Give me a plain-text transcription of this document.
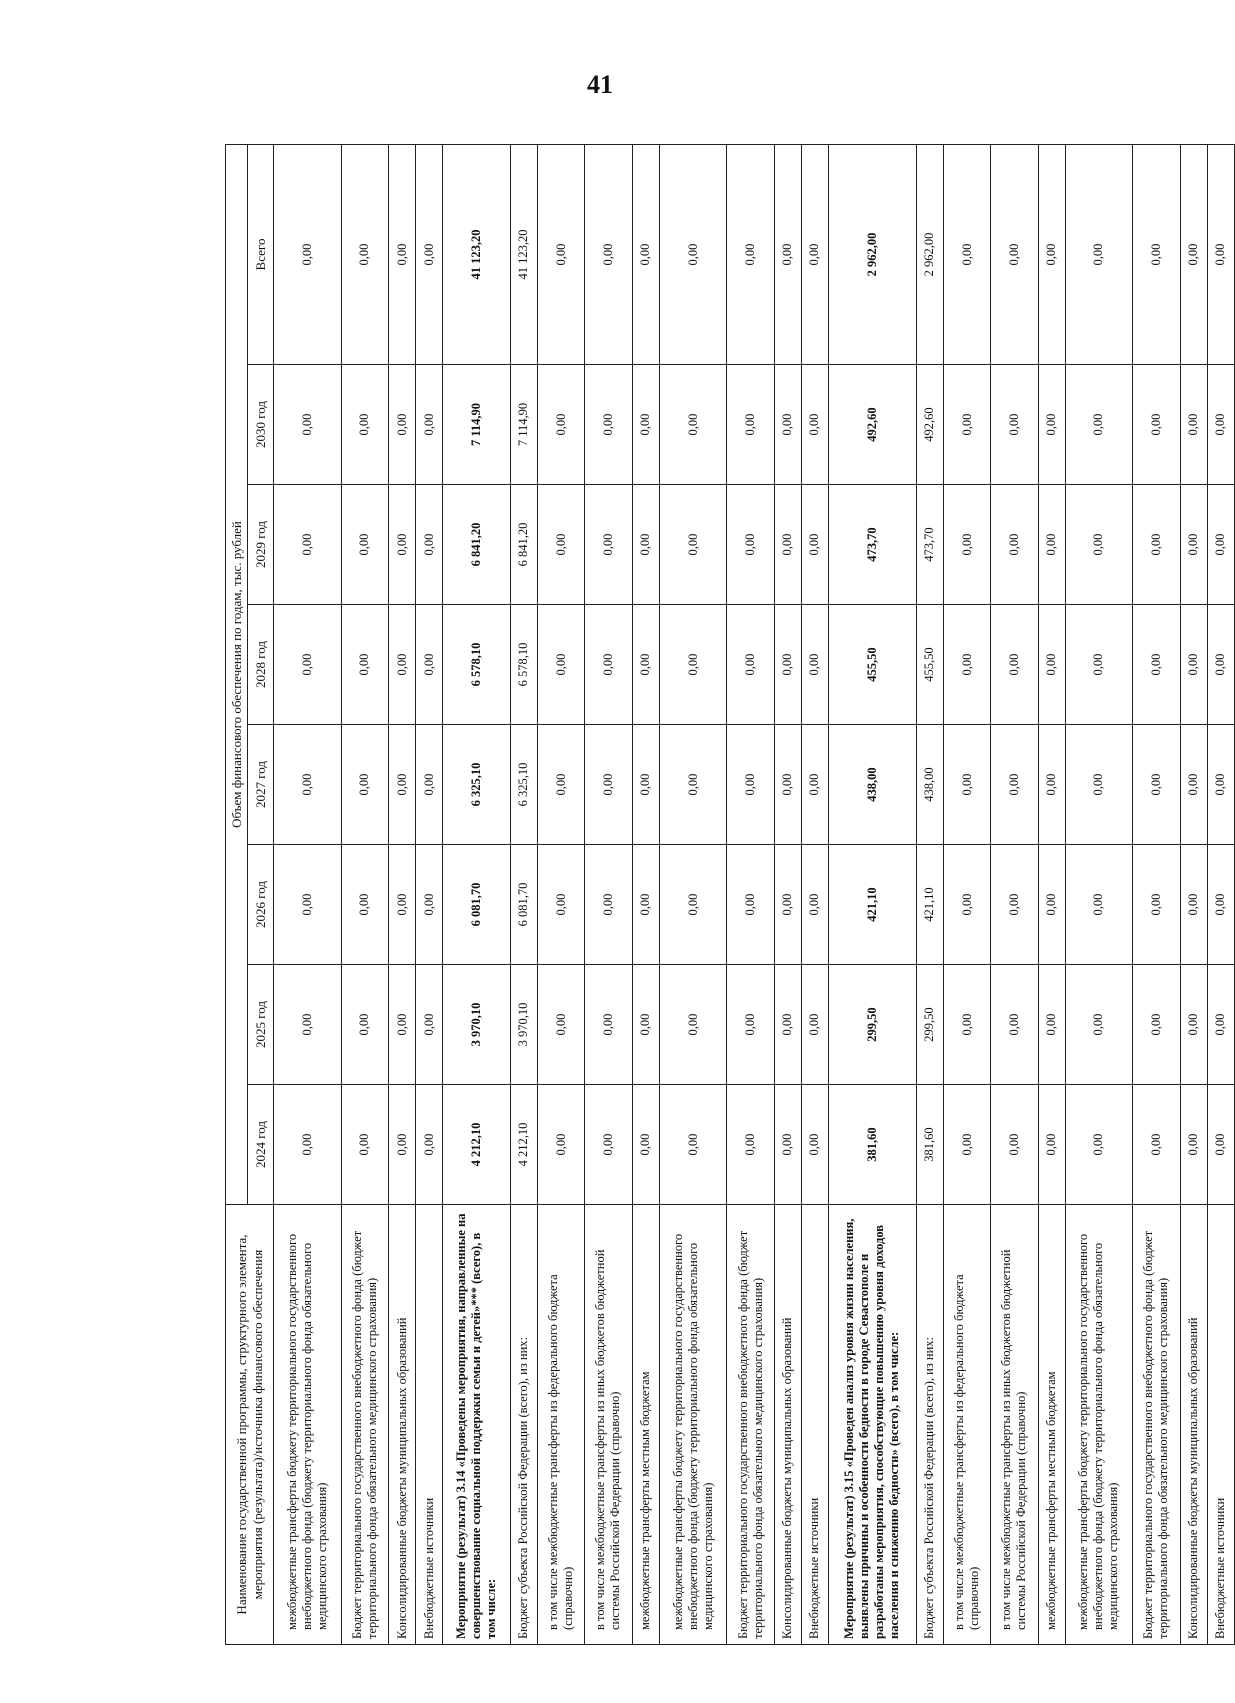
41
Наименование государственной программы, структурного элемента, мероприятия (результата)/источника финансового обеспечения	Объем финансового обеспечения по годам, тыс. рублей							
	2024 год	2025 год	2026 год	2027 год	2028 год	2029 год	2030 год	Всего
межбюджетные трансферты бюджету территориального государственного внебюджетного фонда (бюджету территориального фонда обязательного медицинского страхования)	0,00	0,00	0,00	0,00	0,00	0,00	0,00	0,00
Бюджет территориального государственного внебюджетного фонда (бюджет территориального фонда обязательного медицинского страхования)	0,00	0,00	0,00	0,00	0,00	0,00	0,00	0,00
Консолидированные бюджеты муниципальных образований	0,00	0,00	0,00	0,00	0,00	0,00	0,00	0,00
Внебюджетные источники	0,00	0,00	0,00	0,00	0,00	0,00	0,00	0,00
Мероприятие (результат) 3.14 «Проведены мероприятия, направленные на совершенствование социальной поддержки семьи и детей»*** (всего), в том числе:	4 212,10	3 970,10	6 081,70	6 325,10	6 578,10	6 841,20	7 114,90	41 123,20
Бюджет субъекта Российской Федерации (всего), из них:	4 212,10	3 970,10	6 081,70	6 325,10	6 578,10	6 841,20	7 114,90	41 123,20
в том числе межбюджетные трансферты из федерального бюджета (справочно)	0,00	0,00	0,00	0,00	0,00	0,00	0,00	0,00
в том числе межбюджетные трансферты из иных бюджетов бюджетной системы Российской Федерации (справочно)	0,00	0,00	0,00	0,00	0,00	0,00	0,00	0,00
межбюджетные трансферты местным бюджетам	0,00	0,00	0,00	0,00	0,00	0,00	0,00	0,00
межбюджетные трансферты бюджету территориального государственного внебюджетного фонда (бюджету территориального фонда обязательного медицинского страхования)	0,00	0,00	0,00	0,00	0,00	0,00	0,00	0,00
Бюджет территориального государственного внебюджетного фонда (бюджет территориального фонда обязательного медицинского страхования)	0,00	0,00	0,00	0,00	0,00	0,00	0,00	0,00
Консолидированные бюджеты муниципальных образований	0,00	0,00	0,00	0,00	0,00	0,00	0,00	0,00
Внебюджетные источники	0,00	0,00	0,00	0,00	0,00	0,00	0,00	0,00
Мероприятие (результат) 3.15 «Проведен анализ уровня жизни населения, выявлены причины и особенности бедности в городе Севастополе и разработаны мероприятия, способствующие повышению уровня доходов населения и снижению бедности» (всего), в том числе:	381,60	299,50	421,10	438,00	455,50	473,70	492,60	2 962,00
Бюджет субъекта Российской Федерации (всего), из них:	381,60	299,50	421,10	438,00	455,50	473,70	492,60	2 962,00
в том числе межбюджетные трансферты из федерального бюджета (справочно)	0,00	0,00	0,00	0,00	0,00	0,00	0,00	0,00
в том числе межбюджетные трансферты из иных бюджетов бюджетной системы Российской Федерации (справочно)	0,00	0,00	0,00	0,00	0,00	0,00	0,00	0,00
межбюджетные трансферты местным бюджетам	0,00	0,00	0,00	0,00	0,00	0,00	0,00	0,00
межбюджетные трансферты бюджету территориального государственного внебюджетного фонда (бюджету территориального фонда обязательного медицинского страхования)	0,00	0,00	0,00	0,00	0,00	0,00	0,00	0,00
Бюджет территориального государственного внебюджетного фонда (бюджет территориального фонда обязательного медицинского страхования)	0,00	0,00	0,00	0,00	0,00	0,00	0,00	0,00
Консолидированные бюджеты муниципальных образований	0,00	0,00	0,00	0,00	0,00	0,00	0,00	0,00
Внебюджетные источники	0,00	0,00	0,00	0,00	0,00	0,00	0,00	0,00
